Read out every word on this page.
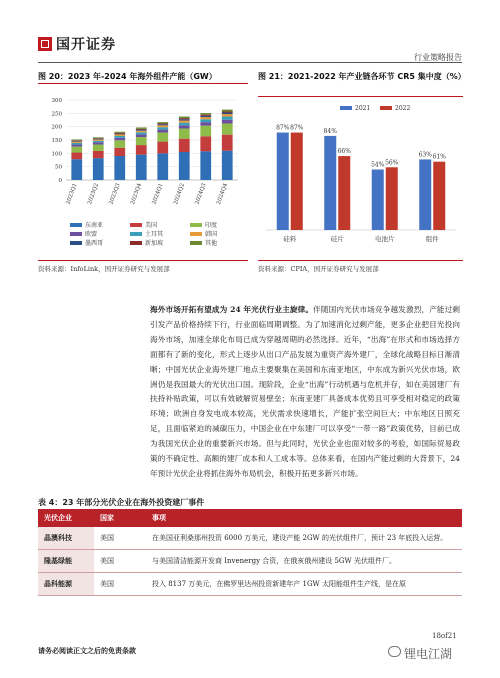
国开证券
行业策略报告
图 20：2023 年-2024 年海外组件产能（GW）
0
50
100
150
200
250
300
2023Q1 2023Q2 2023Q3 2023Q4 2024Q1 2024Q2 2024Q3 2024Q4
东南亚	美国	印度
欧盟	土耳其	韩国
墨西哥	新加坡	其他
资料来源：InfoLink，国开证券研究与发展部
图 21：2021-2022 年产业链各环节 CR5 集中度（%）
87% 87%
硅料
84%
66%
硅片
54% 56%
电池片
63% 61%
组件
2021	2022
资料来源：CPIA，国开证券研究与发展部
海外市场开拓有望成为 24 年光伏行业主旋律。伴随国内光伏市场竞争越发激烈，产能过剩引发产品价格持续下行，行业面临周期调整。为了加速消化过剩产能，更多企业把目光投向海外市场，加速全球化布局已成为穿越周期的必然选择。近年，“出海”在形式和市场选择方面都有了新的变化，形式上逐步从出口产品发展为重资产海外建厂，全球化战略目标日渐清晰；中国光伏企业海外建厂地点主要聚集在美国和东南亚地区，中东成为新兴光伏市场，欧洲仍是我国最大的光伏出口国。现阶段，企业“出海”行动机遇与危机并存，如在美国建厂有扶持补贴政策，可以有效破解贸易壁垒；东南亚建厂具备成本优势且可享受相对稳定的政策环境；欧洲自身发电成本较高，光伏需求快速增长，产能扩张空间巨大；中东地区日照充足，且面临紧迫的减碳压力，中国企业在中东建厂可以享受“一带一路”政策优势，目前已成为我国光伏企业的重要新兴市场。但与此同时，光伏企业也面对较多的考验，如国际贸易政策的不确定性、高额的建厂成本和人工成本等。总体来看，在国内产能过剩的大背景下，24 年预计光伏企业将抓住海外布局机会，积极开拓更多新兴市场。
表 4：23 年部分光伏企业在海外投资建厂事件
光伏企业	国家	事项
晶澳科技	美国	在美国亚利桑那州投资 6000 万美元，建设产能 2GW 的光伏组件厂，预计 23 年底投入运营。
隆基绿能	美国	与美国清洁能源开发商 Invenergy 合资，在俄亥俄州建设 5GW 光伏组件厂。
晶科能源	美国	投入 8137 万美元，在佛罗里达州投资新建年产 1GW 太阳能组件生产线，是在原
18of21
请务必阅读正文之后的免责条款	锂电江湖
